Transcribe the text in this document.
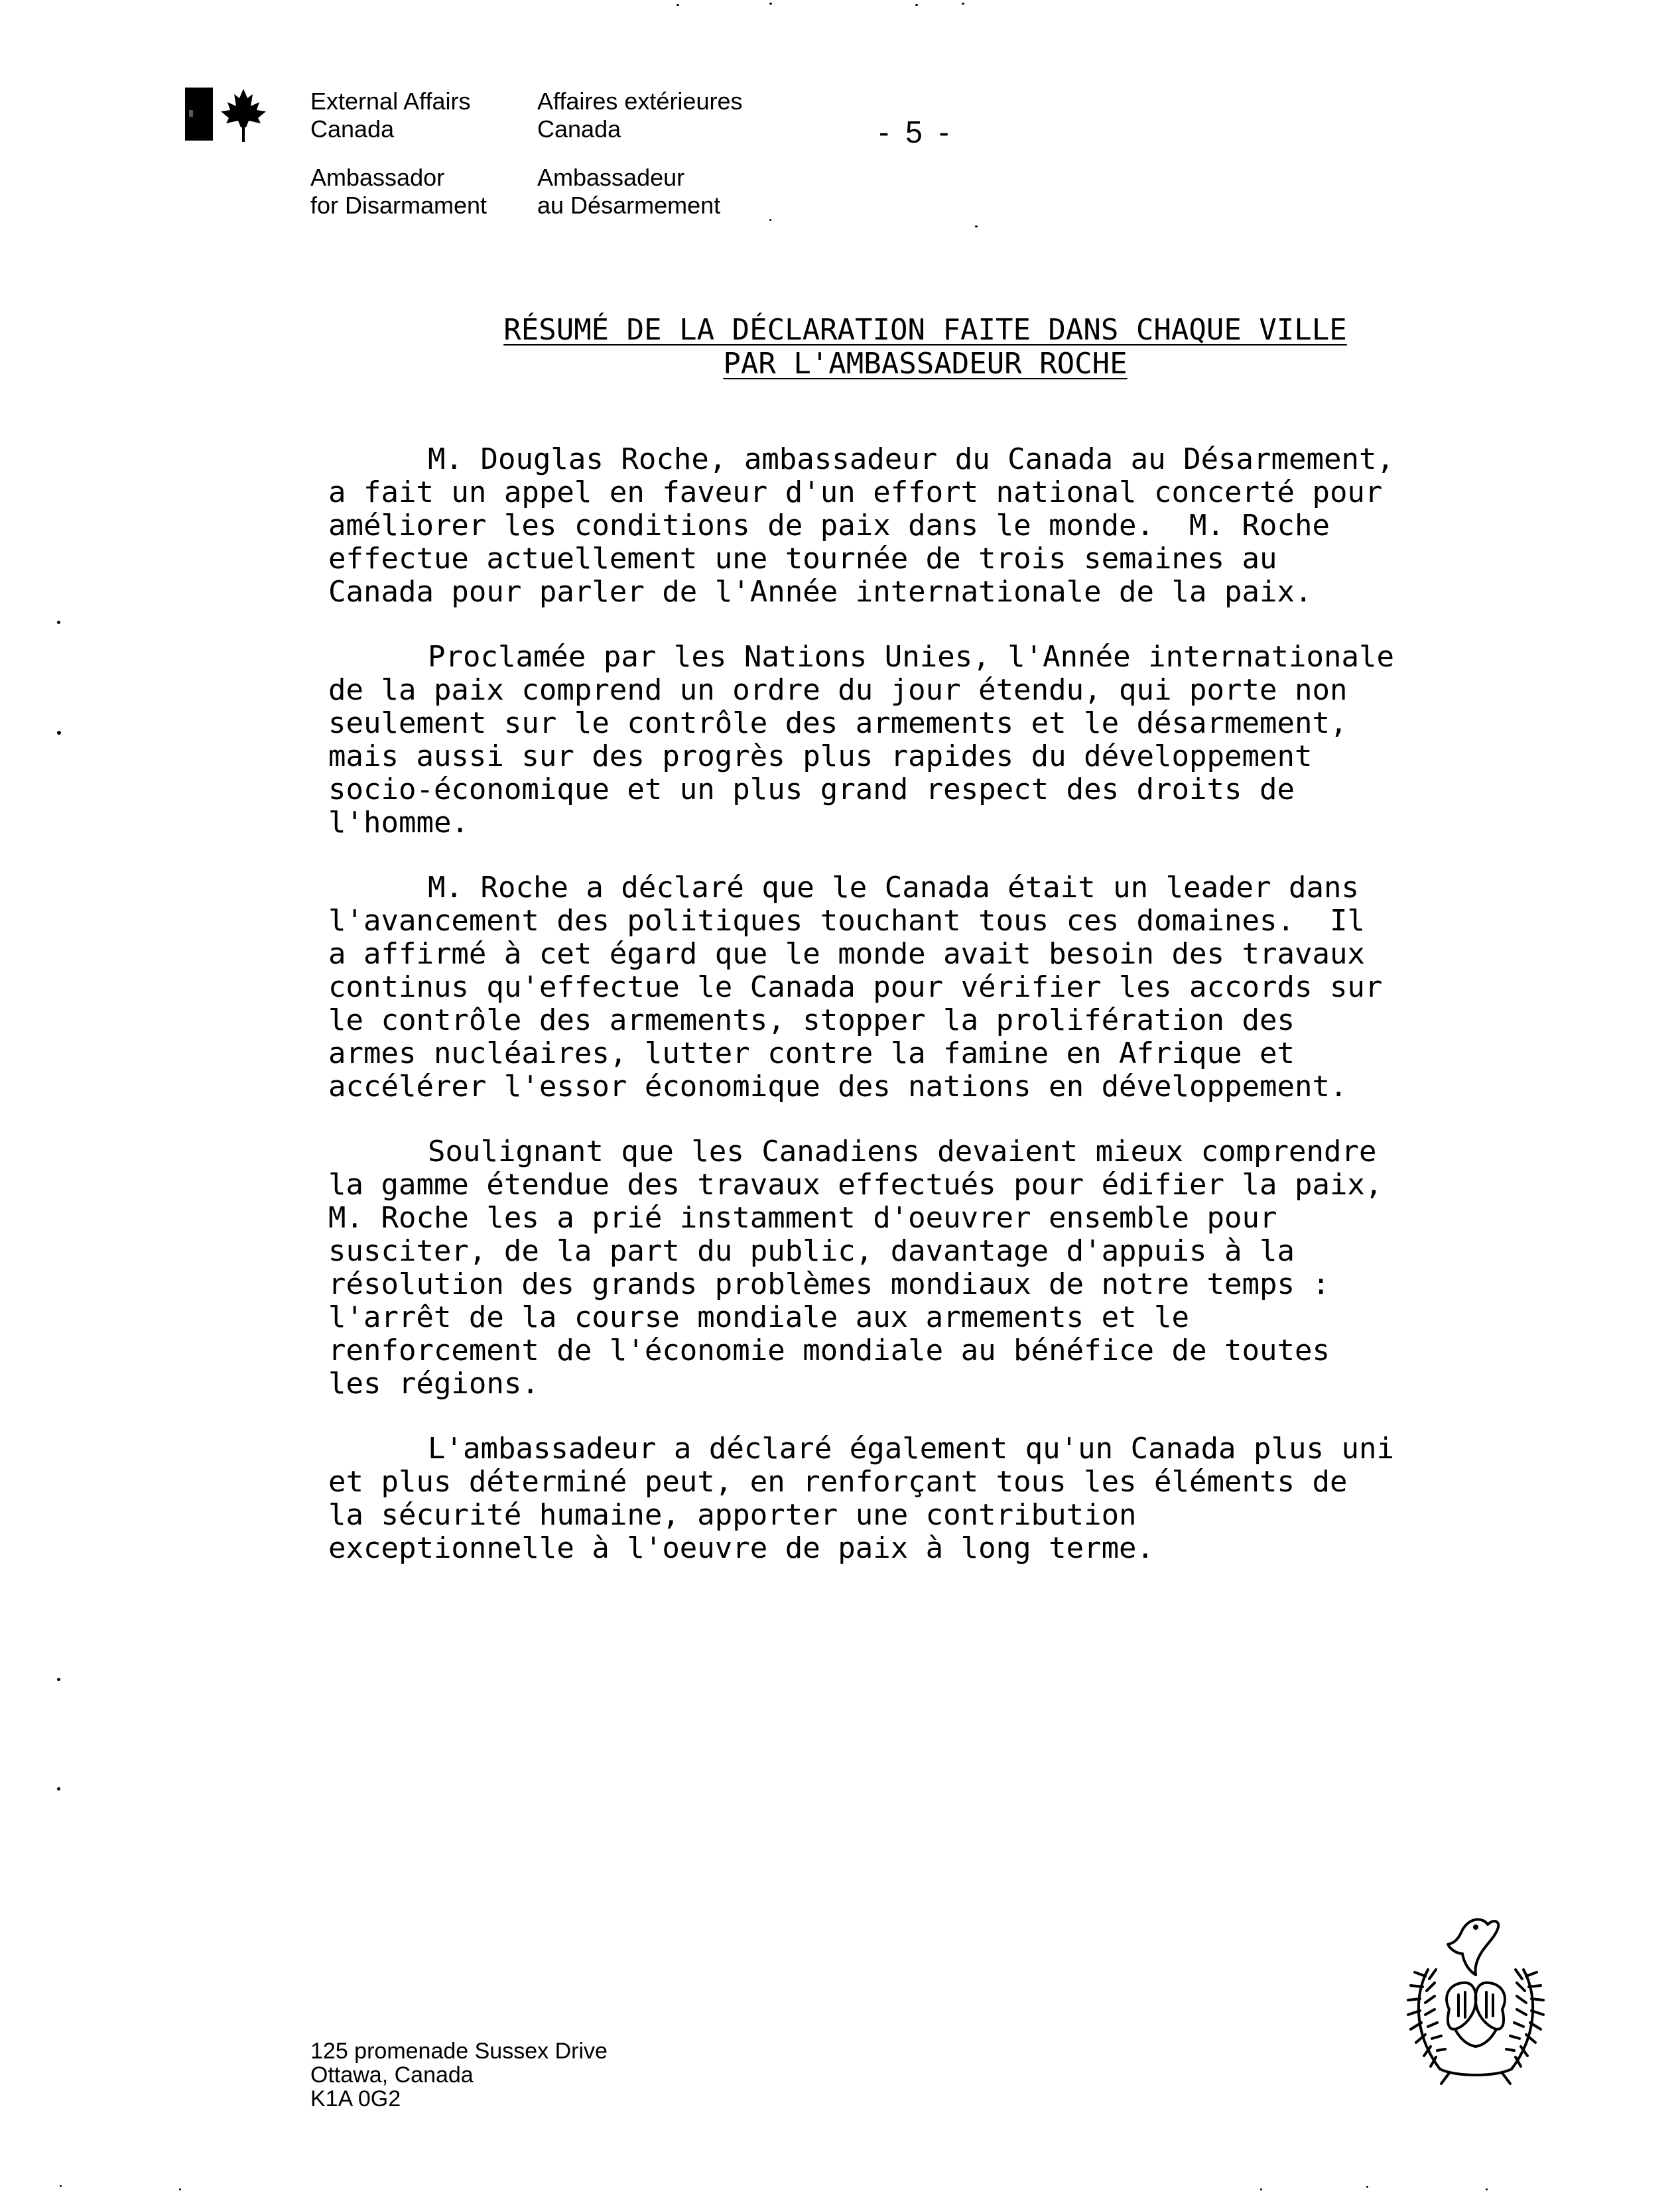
External Affairs
Canada
Affaires extérieures
Canada
Ambassador
for Disarmament
Ambassadeur
au Désarmement
- 5 -
RÉSUMÉ DE LA DÉCLARATION FAITE DANS CHAQUE VILLE
PAR L'AMBASSADEUR ROCHE
M. Douglas Roche, ambassadeur du Canada au Désarmement,
a fait un appel en faveur d'un effort national concerté pour
améliorer les conditions de paix dans le monde.  M. Roche
effectue actuellement une tournée de trois semaines au
Canada pour parler de l'Année internationale de la paix.
Proclamée par les Nations Unies, l'Année internationale
de la paix comprend un ordre du jour étendu, qui porte non
seulement sur le contrôle des armements et le désarmement,
mais aussi sur des progrès plus rapides du développement
socio-économique et un plus grand respect des droits de
l'homme.
M. Roche a déclaré que le Canada était un leader dans
l'avancement des politiques touchant tous ces domaines.  Il
a affirmé à cet égard que le monde avait besoin des travaux
continus qu'effectue le Canada pour vérifier les accords sur
le contrôle des armements, stopper la prolifération des
armes nucléaires, lutter contre la famine en Afrique et
accélérer l'essor économique des nations en développement.
Soulignant que les Canadiens devaient mieux comprendre
la gamme étendue des travaux effectués pour édifier la paix,
M. Roche les a prié instamment d'oeuvrer ensemble pour
susciter, de la part du public, davantage d'appuis à la
résolution des grands problèmes mondiaux de notre temps :
l'arrêt de la course mondiale aux armements et le
renforcement de l'économie mondiale au bénéfice de toutes
les régions.
L'ambassadeur a déclaré également qu'un Canada plus uni
et plus déterminé peut, en renforçant tous les éléments de
la sécurité humaine, apporter une contribution
exceptionnelle à l'oeuvre de paix à long terme.
125 promenade Sussex Drive
Ottawa, Canada
K1A 0G2
